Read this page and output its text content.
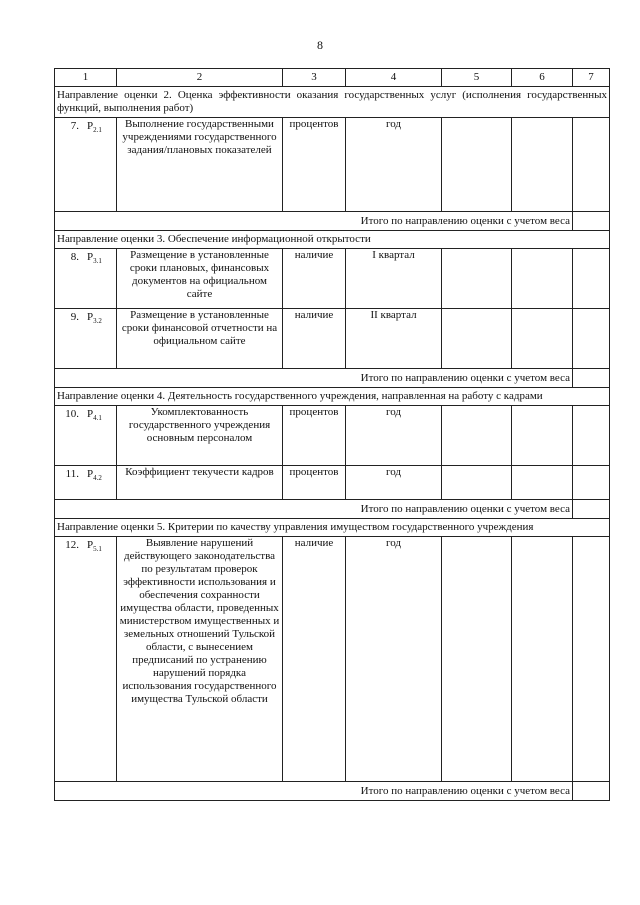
8
1	2	3	4	5	6	7
Направление оценки 2. Оценка эффективности оказания государственных услуг (исполнения государственных функций, выполнения работ)						
7. $P_{2.1}$	Выполнение государственными учреждениями государственного задания/плановых показателей	процентов	год			
Итого по направлению оценки с учетом веса						
Направление оценки 3. Обеспечение информационной открытости						
8. $P_{3.1}$	Размещение в установленные сроки плановых, финансовых документов на официальном сайте	наличие	I квартал			
9. $P_{3.2}$	Размещение в установленные сроки финансовой отчетности на официальном сайте	наличие	II квартал			
Итого по направлению оценки с учетом веса						
Направление оценки 4. Деятельность государственного учреждения, направленная на работу с кадрами						
10. $P_{4.1}$	Укомплектованность государственного учреждения основным персоналом	процентов	год			
11. $P_{4.2}$	Коэффициент текучести кадров	процентов	год			
Итого по направлению оценки с учетом веса						
Направление оценки 5. Критерии по качеству управления имуществом государственного учреждения						
12. $P_{5.1}$	Выявление нарушений действующего законодательства по результатам проверок эффективности использования и обеспечения сохранности имущества области, проведенных министерством имущественных и земельных отношений Тульской области, с вынесением предписаний по устранению нарушений порядка использования государственного имущества Тульской области	наличие	год			
Итого по направлению оценки с учетом веса						
